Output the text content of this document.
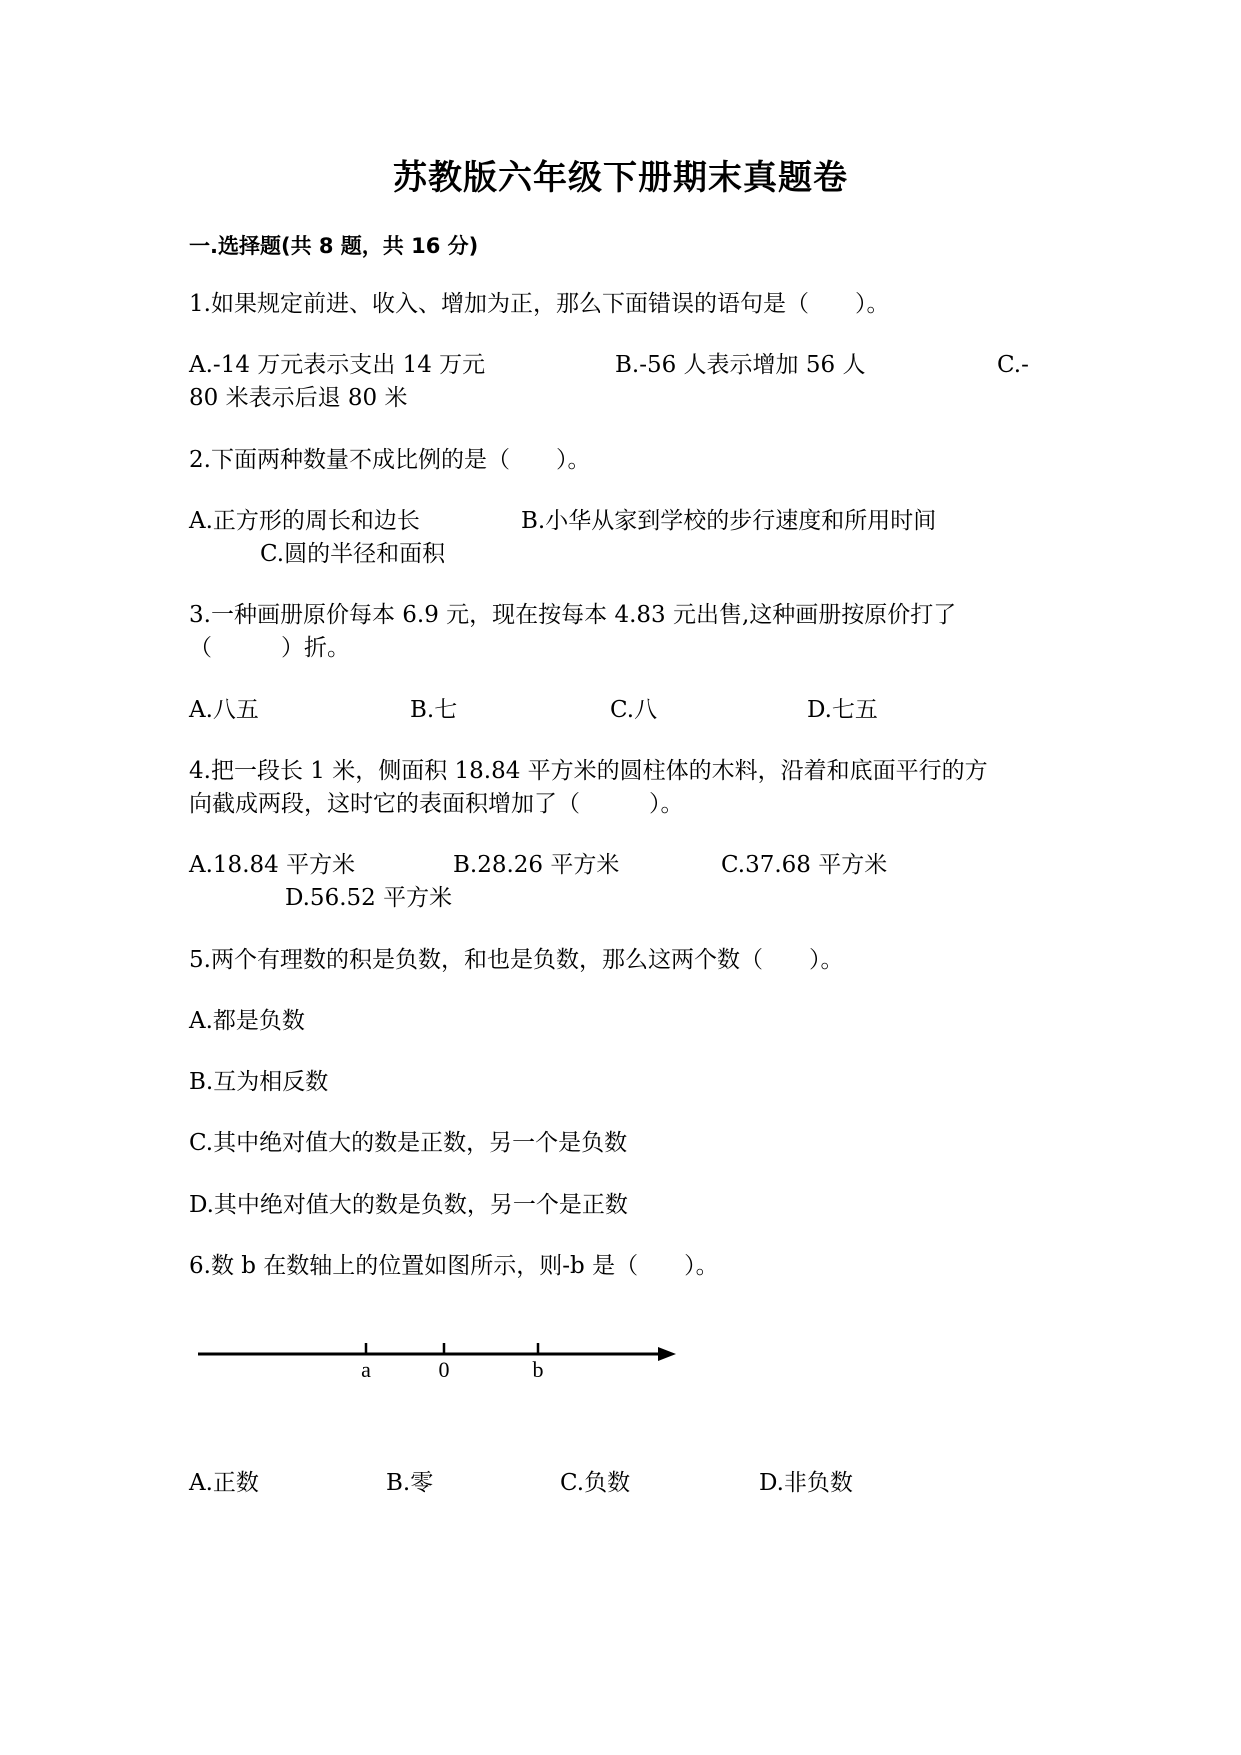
苏教版六年级下册期末真题卷
一.选择题(共 8 题，共 16 分)
1.如果规定前进、收入、增加为正，那么下面错误的语句是（　　）。
A.-14 万元表示支出 14 万元	B.-56 人表示增加 56 人	C.-
80 米表示后退 80 米
2.下面两种数量不成比例的是（　　）。
A.正方形的周长和边长	B.小华从家到学校的步行速度和所用时间
C.圆的半径和面积
3.一种画册原价每本 6.9 元，现在按每本 4.83 元出售,这种画册按原价打了
（　　　）折。
A.八五	B.七	C.八	D.七五
4.把一段长 1 米，侧面积 18.84 平方米的圆柱体的木料，沿着和底面平行的方
向截成两段，这时它的表面积增加了（　　　）。
A.18.84 平方米	B.28.26 平方米	C.37.68 平方米
D.56.52 平方米
5.两个有理数的积是负数，和也是负数，那么这两个数（　　）。
A.都是负数
B.互为相反数
C.其中绝对值大的数是正数，另一个是负数
D.其中绝对值大的数是负数，另一个是正数
6.数 b 在数轴上的位置如图所示，则-b 是（　　）。
a	0	b
A.正数	B.零	C.负数	D.非负数
